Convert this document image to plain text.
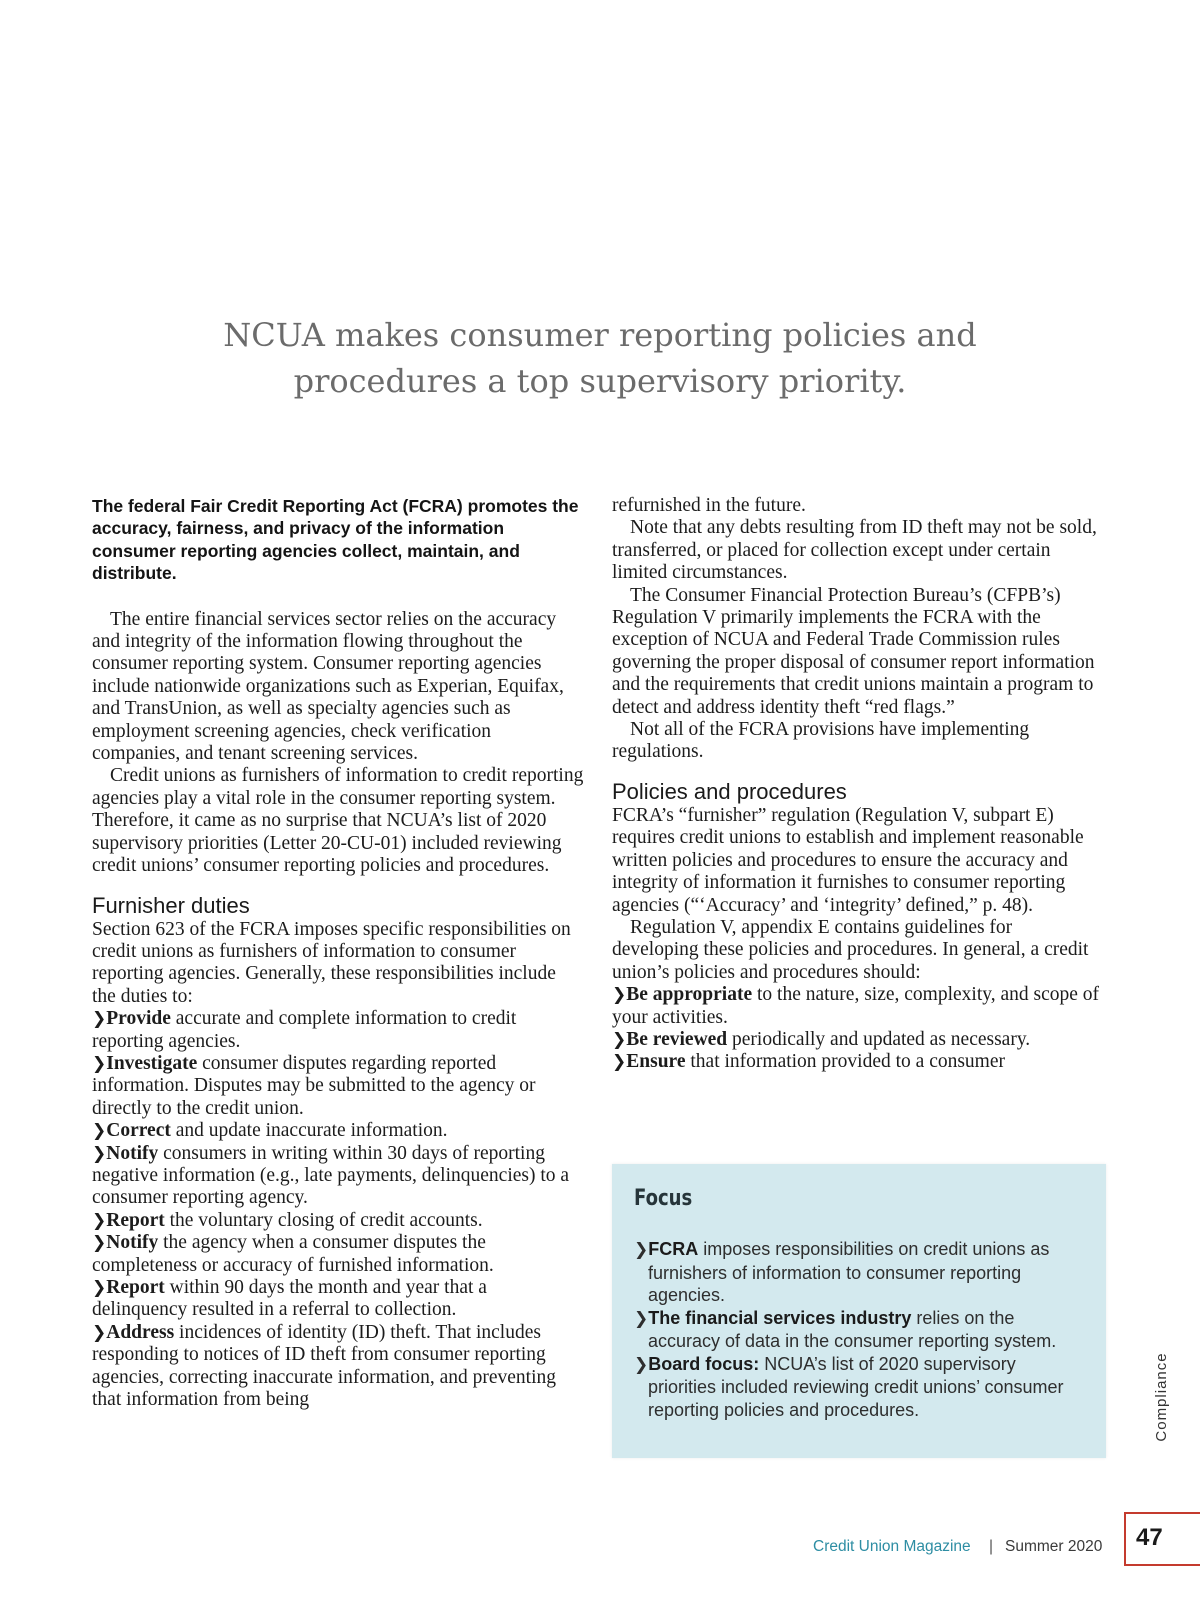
NCUA makes consumer reporting policies and
procedures a top supervisory priority.

The federal Fair Credit Reporting Act (FCRA) promotes the accuracy, fairness, and privacy of the information consumer reporting agencies collect, maintain, and distribute.

The entire financial services sector relies on the accuracy and integrity of the information flowing throughout the consumer reporting system. Consumer reporting agencies include nationwide organizations such as Experian, Equifax, and TransUnion, as well as specialty agencies such as employment screening agencies, check verification companies, and tenant screening services.

Credit unions as furnishers of information to credit reporting agencies play a vital role in the consumer reporting system. Therefore, it came as no surprise that NCUA’s list of 2020 supervisory priorities (Letter 20-CU-01) included reviewing credit unions’ consumer reporting policies and procedures.

Furnisher duties

Section 623 of the FCRA imposes specific responsibilities on credit unions as furnishers of information to consumer reporting agencies. Generally, these responsibilities include the duties to:

❯Provide accurate and complete information to credit reporting agencies.

❯Investigate consumer disputes regarding reported information. Disputes may be submitted to the agency or directly to the credit union.

❯Correct and update inaccurate information.

❯Notify consumers in writing within 30 days of reporting negative information (e.g., late payments, delinquencies) to a consumer reporting agency.

❯Report the voluntary closing of credit accounts.

❯Notify the agency when a consumer disputes the completeness or accuracy of furnished information.

❯Report within 90 days the month and year that a delinquency resulted in a referral to collection.

❯Address incidences of identity (ID) theft. That includes responding to notices of ID theft from consumer reporting agencies, correcting inaccurate information, and preventing that information from being

refurnished in the future.

Note that any debts resulting from ID theft may not be sold, transferred, or placed for collection except under certain limited circumstances.

The Consumer Financial Protection Bureau’s (CFPB’s) Regulation V primarily implements the FCRA with the exception of NCUA and Federal Trade Commission rules governing the proper disposal of consumer report information and the requirements that credit unions maintain a program to detect and address identity theft “red flags.”

Not all of the FCRA provisions have implementing regulations.

Policies and procedures

FCRA’s “furnisher” regulation (Regulation V, subpart E) requires credit unions to establish and implement reasonable written policies and procedures to ensure the accuracy and integrity of information it furnishes to consumer reporting agencies (“‘Accuracy’ and ‘integrity’ defined,” p. 48).

Regulation V, appendix E contains guidelines for developing these policies and procedures. In general, a credit union’s policies and procedures should:

❯Be appropriate to the nature, size, complexity, and scope of your activities.

❯Be reviewed periodically and updated as necessary.

❯Ensure that information provided to a consumer

Focus
❯FCRA imposes responsibilities on credit unions as furnishers of information to consumer reporting agencies.
❯The financial services industry relies on the accuracy of data in the consumer reporting system.
❯Board focus: NCUA’s list of 2020 supervisory priorities included reviewing credit unions’ consumer reporting policies and procedures.	Compliance
Credit Union Magazine | Summer 2020 47
